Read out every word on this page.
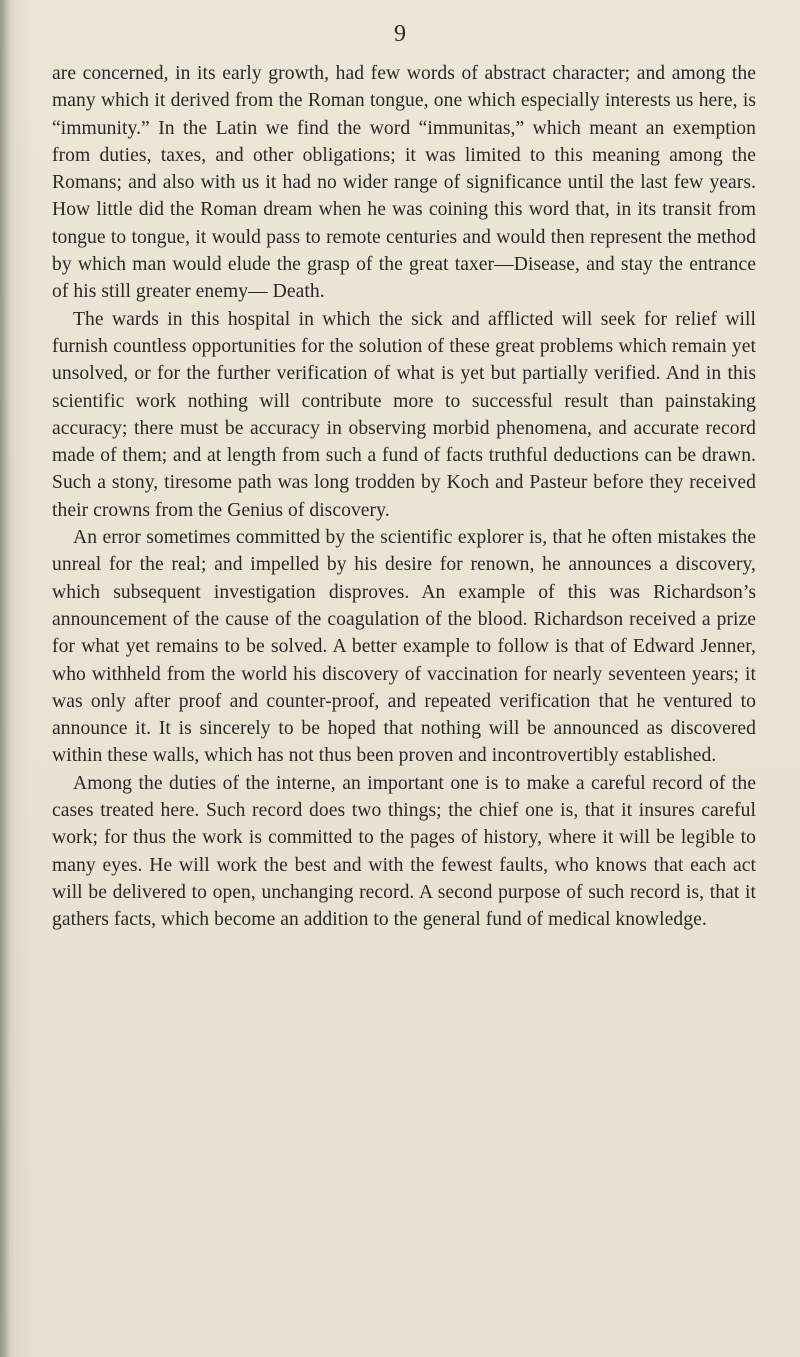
9

are concerned, in its early growth, had few words of abstract character; and among the many which it derived from the Roman tongue, one which especially interests us here, is “immunity.” In the Latin we find the word “immunitas,” which meant an exemption from duties, taxes, and other obligations; it was limited to this meaning among the Romans; and also with us it had no wider range of significance until the last few years. How little did the Roman dream when he was coining this word that, in its transit from tongue to tongue, it would pass to remote centuries and would then represent the method by which man would elude the grasp of the great taxer—Disease, and stay the entrance of his still greater enemy— Death.

The wards in this hospital in which the sick and afflicted will seek for relief will furnish countless opportunities for the solution of these great problems which remain yet unsolved, or for the further verification of what is yet but partially verified. And in this scientific work nothing will contribute more to successful result than painstaking accuracy; there must be accuracy in observing morbid phenomena, and accurate record made of them; and at length from such a fund of facts truthful deductions can be drawn. Such a stony, tiresome path was long trodden by Koch and Pasteur before they received their crowns from the Genius of discovery.

An error sometimes committed by the scientific explorer is, that he often mistakes the unreal for the real; and impelled by his desire for renown, he announces a discovery, which subsequent investigation disproves. An example of this was Richardson’s announcement of the cause of the coagulation of the blood. Richardson received a prize for what yet remains to be solved. A better example to follow is that of Edward Jenner, who withheld from the world his discovery of vaccination for nearly seventeen years; it was only after proof and counter-proof, and repeated verification that he ventured to announce it. It is sincerely to be hoped that nothing will be announced as discovered within these walls, which has not thus been proven and incontrovertibly established.

Among the duties of the interne, an important one is to make a careful record of the cases treated here. Such record does two things; the chief one is, that it insures careful work; for thus the work is committed to the pages of history, where it will be legible to many eyes. He will work the best and with the fewest faults, who knows that each act will be delivered to open, unchanging record. A second purpose of such record is, that it gathers facts, which become an addition to the general fund of medical knowledge.
